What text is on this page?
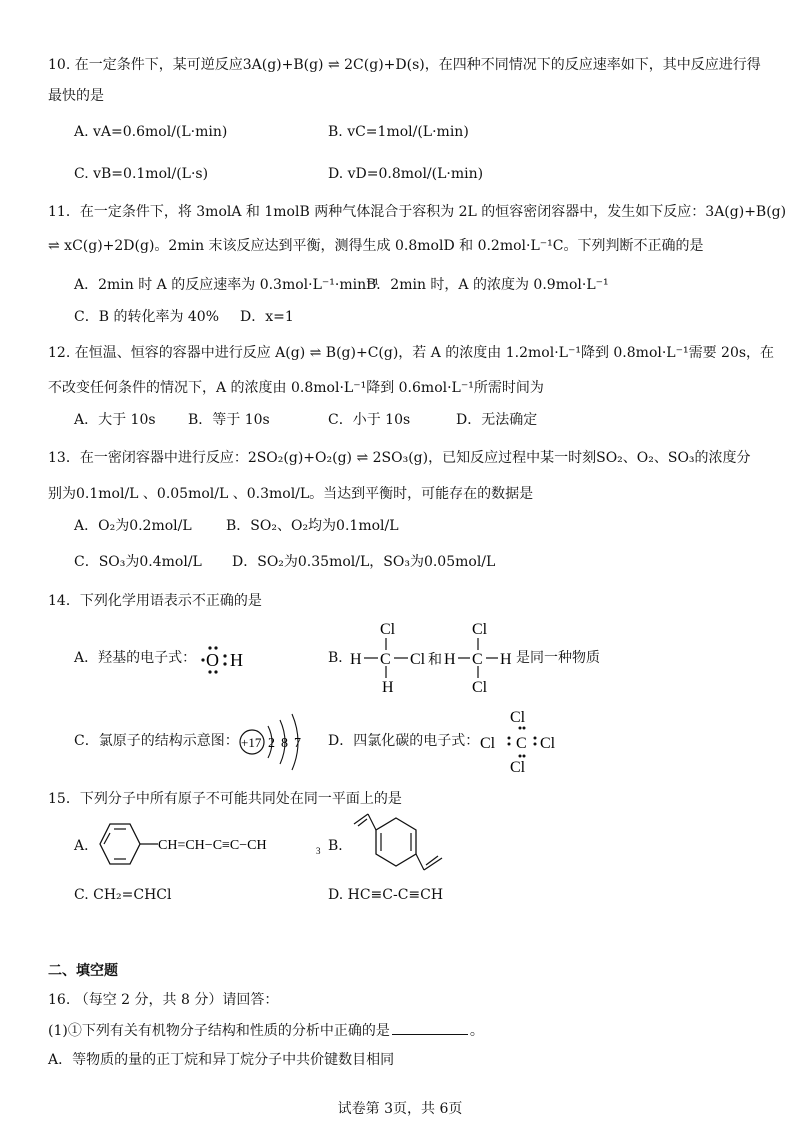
10. 在一定条件下，某可逆反应3A(g)+B(g) ⇌ 2C(g)+D(s)，在四种不同情况下的反应速率如下，其中反应进行得
最快的是
A. vA=0.6mol/(L·min)	B. vC=1mol/(L·min)
C. vB=0.1mol/(L·s)	D. vD=0.8mol/(L·min)
11．在一定条件下，将 3molA 和 1molB 两种气体混合于容积为 2L 的恒容密闭容器中，发生如下反应：3A(g)+B(g)
⇌ xC(g)+2D(g)。2min 末该反应达到平衡，测得生成 0.8molD 和 0.2mol·L⁻¹C。下列判断不正确的是
A．2min 时 A 的反应速率为 0.3mol·L⁻¹·min⁻¹
B．2min 时，A 的浓度为 0.9mol·L⁻¹
C．B 的转化率为 40% D．x=1
12. 在恒温、恒容的容器中进行反应 A(g) ⇌ B(g)+C(g)，若 A 的浓度由 1.2mol·L⁻¹降到 0.8mol·L⁻¹需要 20s，在
不改变任何条件的情况下，A 的浓度由 0.8mol·L⁻¹降到 0.6mol·L⁻¹所需时间为
A．大于 10s B．等于 10s	C．小于 10s	D．无法确定
13．在一密闭容器中进行反应：2SO₂(g)+O₂(g) ⇌ 2SO₃(g)，已知反应过程中某一时刻SO₂、O₂、SO₃的浓度分
别为0.1mol/L 、0.05mol/L 、0.3mol/L。当达到平衡时，可能存在的数据是
A．O₂为0.2mol/L B．SO₂、O₂均为0.1mol/L
C．SO₃为0.4mol/L D．SO₂为0.35mol/L，SO₃为0.05mol/L
14．下列化学用语表示不正确的是
A．羟基的电子式： O H	B．
H C Cl
Cl
H
和 H C H
Cl
Cl
是同一种物质
C．氯原子的结构示意图： +17 2 8 7 D．四氯化碳的电子式：
Cl
Cl C Cl
Cl
15．下列分子中所有原子不可能共同处在同一平面上的是
A．	CH=CH−C≡C−CH	3 B．
C. CH₂=CHCl	D. HC≡C-C≡CH
二、填空题
16. （每空 2 分，共 8 分）请回答：
(1)①下列有关有机物分子结构和性质的分析中正确的是	。
A．等物质的量的正丁烷和异丁烷分子中共价键数目相同
试卷第 3页，共 6页
